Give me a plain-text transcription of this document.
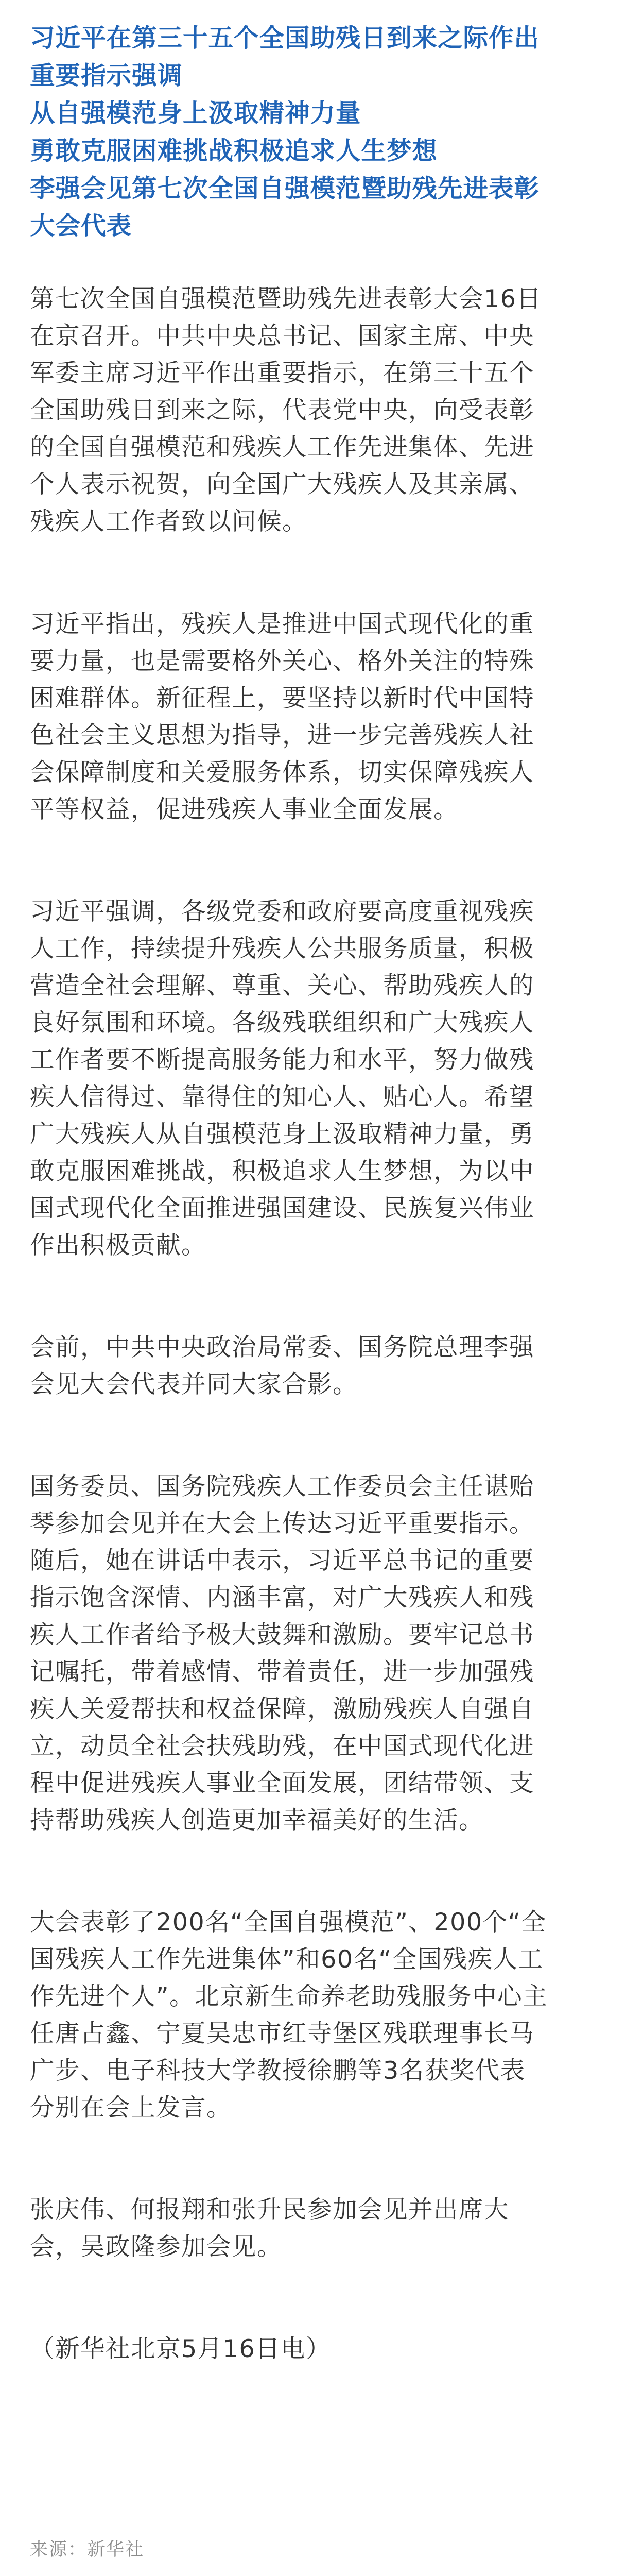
习近平在第三十五个全国助残日到来之际作出
重要指示强调
从自强模范身上汲取精神力量
勇敢克服困难挑战积极追求人生梦想
李强会见第七次全国自强模范暨助残先进表彰
大会代表
第七次全国自强模范暨助残先进表彰大会16日
在京召开。中共中央总书记、国家主席、中央
军委主席习近平作出重要指示，在第三十五个
全国助残日到来之际，代表党中央，向受表彰
的全国自强模范和残疾人工作先进集体、先进
个人表示祝贺，向全国广大残疾人及其亲属、
残疾人工作者致以问候。
习近平指出，残疾人是推进中国式现代化的重
要力量，也是需要格外关心、格外关注的特殊
困难群体。新征程上，要坚持以新时代中国特
色社会主义思想为指导，进一步完善残疾人社
会保障制度和关爱服务体系，切实保障残疾人
平等权益，促进残疾人事业全面发展。
习近平强调，各级党委和政府要高度重视残疾
人工作，持续提升残疾人公共服务质量，积极
营造全社会理解、尊重、关心、帮助残疾人的
良好氛围和环境。各级残联组织和广大残疾人
工作者要不断提高服务能力和水平，努力做残
疾人信得过、靠得住的知心人、贴心人。希望
广大残疾人从自强模范身上汲取精神力量，勇
敢克服困难挑战，积极追求人生梦想，为以中
国式现代化全面推进强国建设、民族复兴伟业
作出积极贡献。
会前，中共中央政治局常委、国务院总理李强
会见大会代表并同大家合影。
国务委员、国务院残疾人工作委员会主任谌贻
琴参加会见并在大会上传达习近平重要指示。
随后，她在讲话中表示，习近平总书记的重要
指示饱含深情、内涵丰富，对广大残疾人和残
疾人工作者给予极大鼓舞和激励。要牢记总书
记嘱托，带着感情、带着责任，进一步加强残
疾人关爱帮扶和权益保障，激励残疾人自强自
立，动员全社会扶残助残，在中国式现代化进
程中促进残疾人事业全面发展，团结带领、支
持帮助残疾人创造更加幸福美好的生活。
大会表彰了200名“全国自强模范”、200个“全
国残疾人工作先进集体”和60名“全国残疾人工
作先进个人”。北京新生命养老助残服务中心主
任唐占鑫、宁夏吴忠市红寺堡区残联理事长马
广步、电子科技大学教授徐鹏等3名获奖代表
分别在会上发言。
张庆伟、何报翔和张升民参加会见并出席大
会，吴政隆参加会见。
（新华社北京5月16日电）
来源：新华社
